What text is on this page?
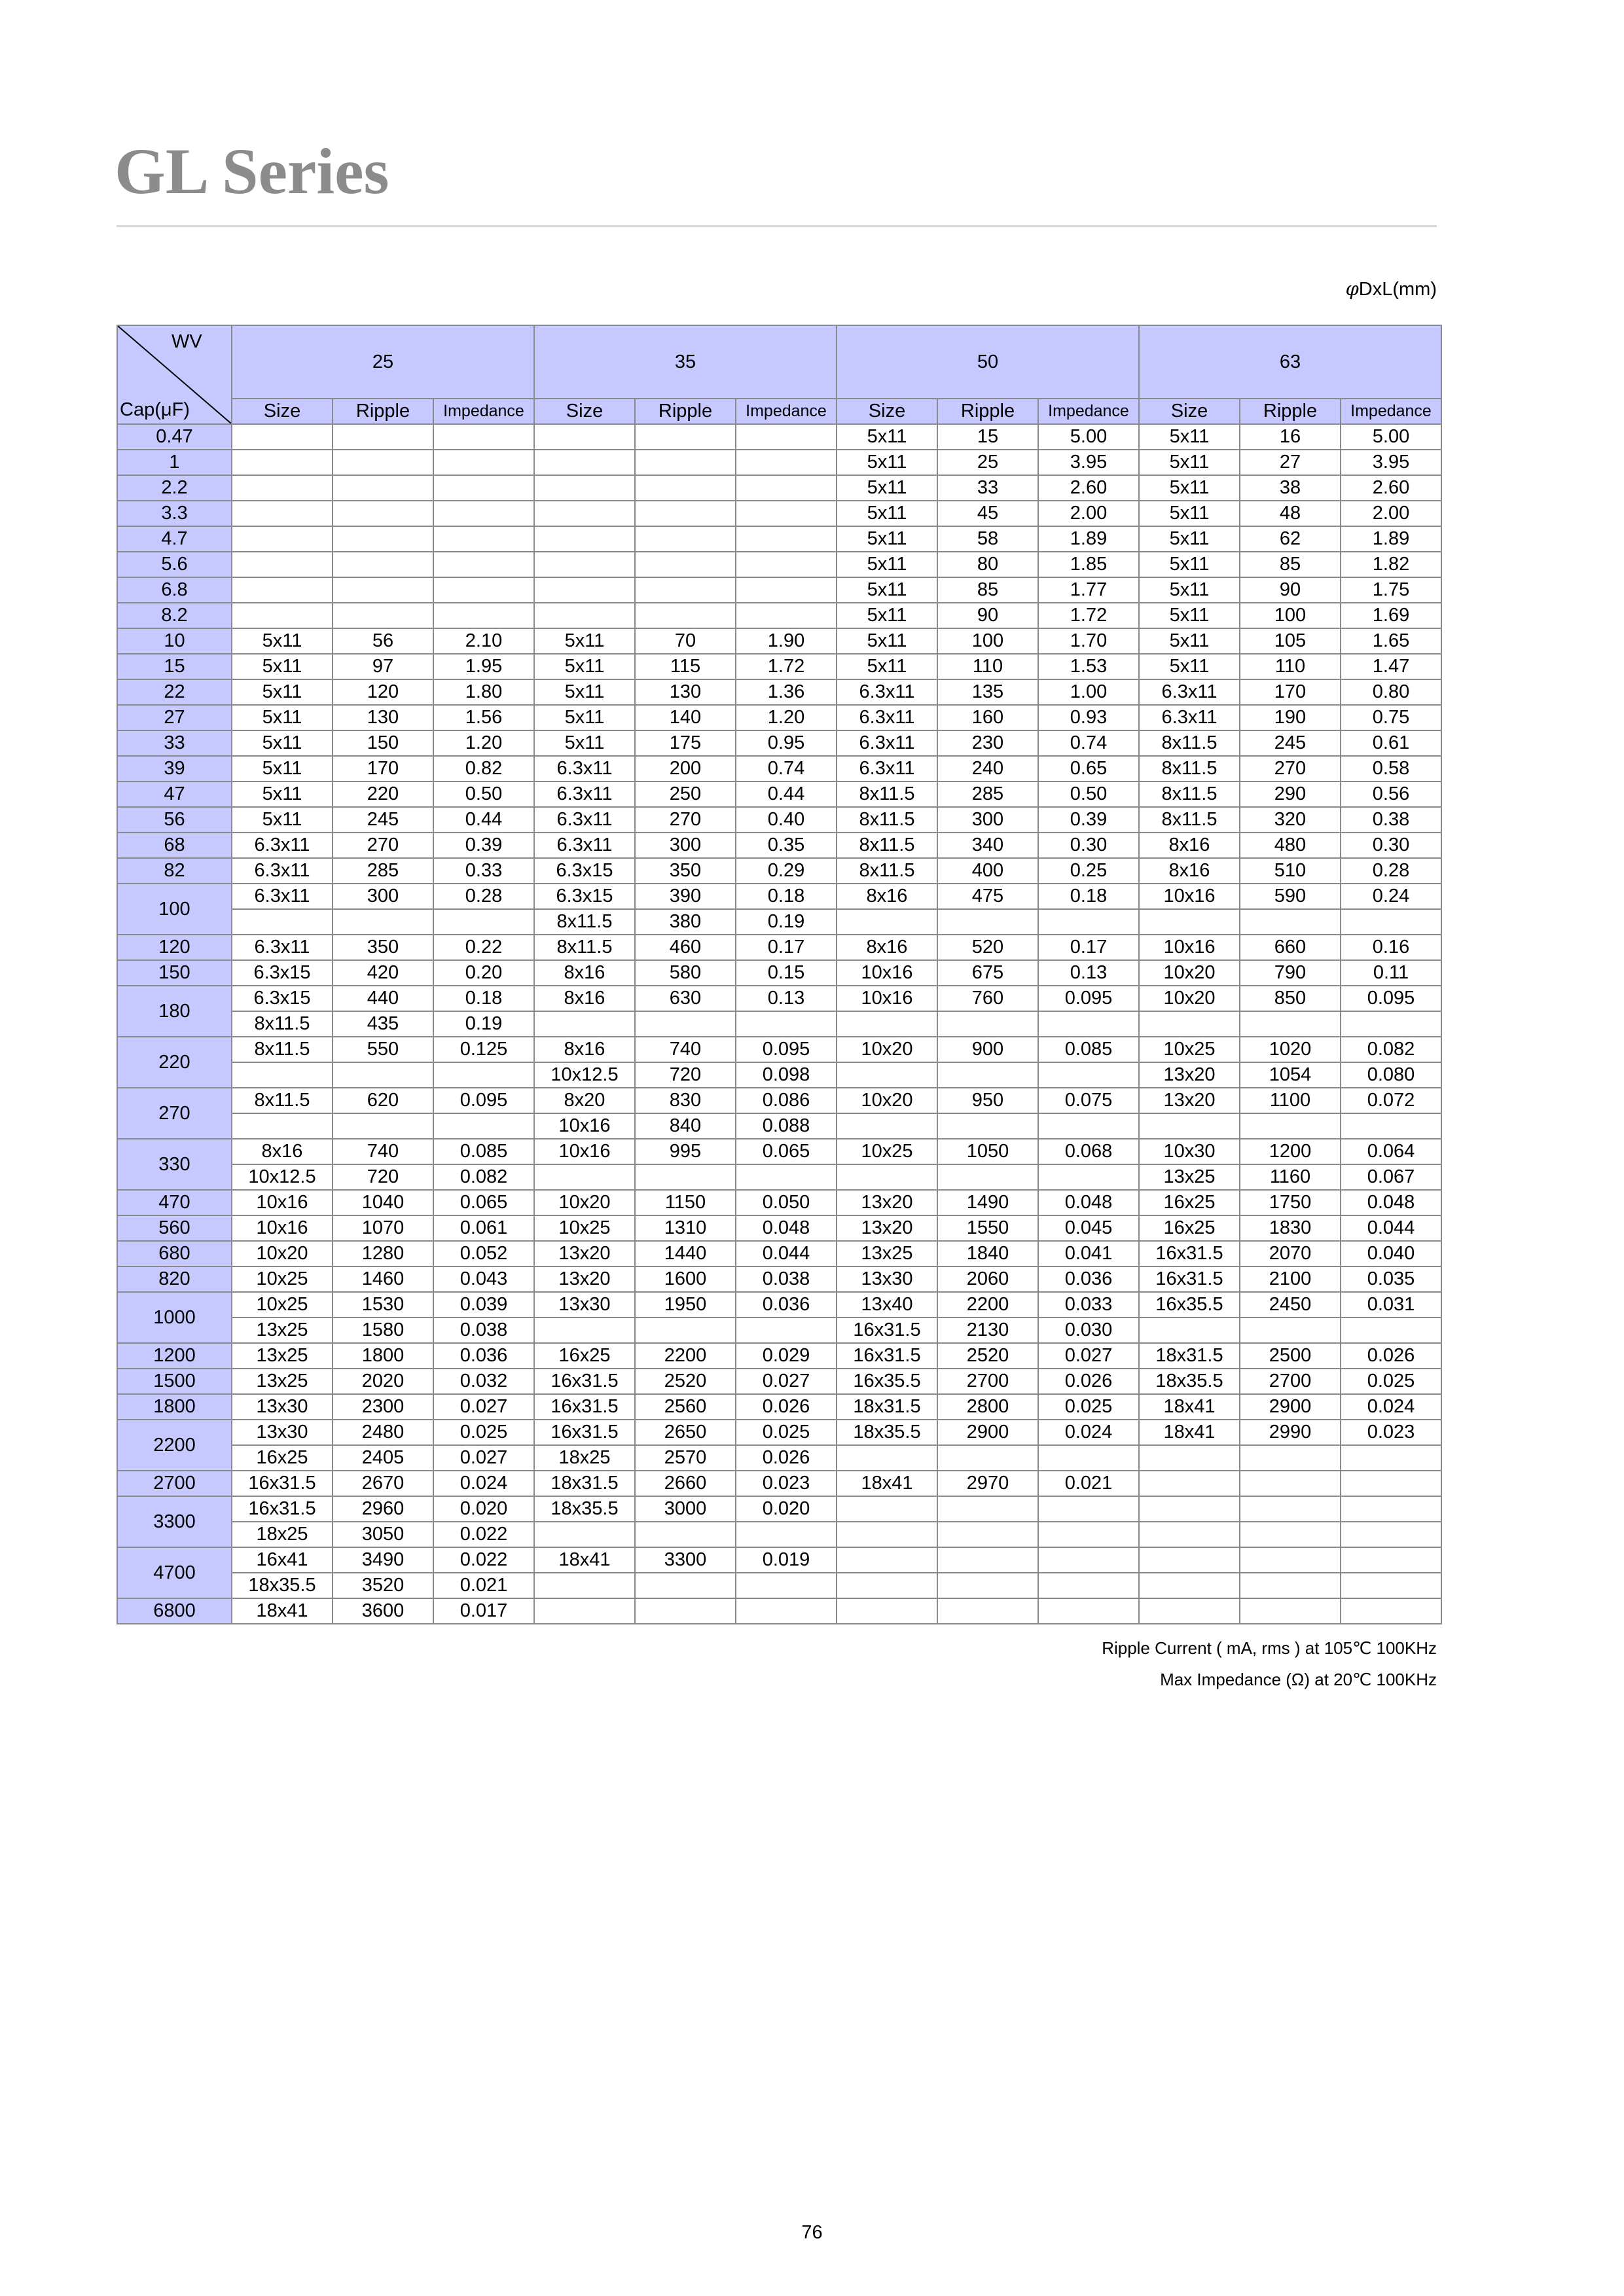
GL Series
φDxL(mm)
WV
Cap(μF)	25			35			50			63		
	Size	Ripple	Impedance	Size	Ripple	Impedance	Size	Ripple	Impedance	Size	Ripple	Impedance
0.47							5x11	15	5.00	5x11	16	5.00
1							5x11	25	3.95	5x11	27	3.95
2.2							5x11	33	2.60	5x11	38	2.60
3.3							5x11	45	2.00	5x11	48	2.00
4.7							5x11	58	1.89	5x11	62	1.89
5.6							5x11	80	1.85	5x11	85	1.82
6.8							5x11	85	1.77	5x11	90	1.75
8.2							5x11	90	1.72	5x11	100	1.69
10	5x11	56	2.10	5x11	70	1.90	5x11	100	1.70	5x11	105	1.65
15	5x11	97	1.95	5x11	115	1.72	5x11	110	1.53	5x11	110	1.47
22	5x11	120	1.80	5x11	130	1.36	6.3x11	135	1.00	6.3x11	170	0.80
27	5x11	130	1.56	5x11	140	1.20	6.3x11	160	0.93	6.3x11	190	0.75
33	5x11	150	1.20	5x11	175	0.95	6.3x11	230	0.74	8x11.5	245	0.61
39	5x11	170	0.82	6.3x11	200	0.74	6.3x11	240	0.65	8x11.5	270	0.58
47	5x11	220	0.50	6.3x11	250	0.44	8x11.5	285	0.50	8x11.5	290	0.56
56	5x11	245	0.44	6.3x11	270	0.40	8x11.5	300	0.39	8x11.5	320	0.38
68	6.3x11	270	0.39	6.3x11	300	0.35	8x11.5	340	0.30	8x16	480	0.30
82	6.3x11	285	0.33	6.3x15	350	0.29	8x11.5	400	0.25	8x16	510	0.28
100	6.3x11	300	0.28	6.3x15	390	0.18	8x16	475	0.18	10x16	590	0.24
				8x11.5	380	0.19						
120	6.3x11	350	0.22	8x11.5	460	0.17	8x16	520	0.17	10x16	660	0.16
150	6.3x15	420	0.20	8x16	580	0.15	10x16	675	0.13	10x20	790	0.11
180	6.3x15	440	0.18	8x16	630	0.13	10x16	760	0.095	10x20	850	0.095
	8x11.5	435	0.19									
220	8x11.5	550	0.125	8x16	740	0.095	10x20	900	0.085	10x25	1020	0.082
				10x12.5	720	0.098				13x20	1054	0.080
270	8x11.5	620	0.095	8x20	830	0.086	10x20	950	0.075	13x20	1100	0.072
				10x16	840	0.088						
330	8x16	740	0.085	10x16	995	0.065	10x25	1050	0.068	10x30	1200	0.064
	10x12.5	720	0.082							13x25	1160	0.067
470	10x16	1040	0.065	10x20	1150	0.050	13x20	1490	0.048	16x25	1750	0.048
560	10x16	1070	0.061	10x25	1310	0.048	13x20	1550	0.045	16x25	1830	0.044
680	10x20	1280	0.052	13x20	1440	0.044	13x25	1840	0.041	16x31.5	2070	0.040
820	10x25	1460	0.043	13x20	1600	0.038	13x30	2060	0.036	16x31.5	2100	0.035
1000	10x25	1530	0.039	13x30	1950	0.036	13x40	2200	0.033	16x35.5	2450	0.031
	13x25	1580	0.038				16x31.5	2130	0.030			
1200	13x25	1800	0.036	16x25	2200	0.029	16x31.5	2520	0.027	18x31.5	2500	0.026
1500	13x25	2020	0.032	16x31.5	2520	0.027	16x35.5	2700	0.026	18x35.5	2700	0.025
1800	13x30	2300	0.027	16x31.5	2560	0.026	18x31.5	2800	0.025	18x41	2900	0.024
2200	13x30	2480	0.025	16x31.5	2650	0.025	18x35.5	2900	0.024	18x41	2990	0.023
	16x25	2405	0.027	18x25	2570	0.026						
2700	16x31.5	2670	0.024	18x31.5	2660	0.023	18x41	2970	0.021			
3300	16x31.5	2960	0.020	18x35.5	3000	0.020						
	18x25	3050	0.022									
4700	16x41	3490	0.022	18x41	3300	0.019						
	18x35.5	3520	0.021									
6800	18x41	3600	0.017									
Ripple Current ( mA, rms ) at 105℃ 100KHz
Max Impedance (Ω) at 20℃ 100KHz
76
